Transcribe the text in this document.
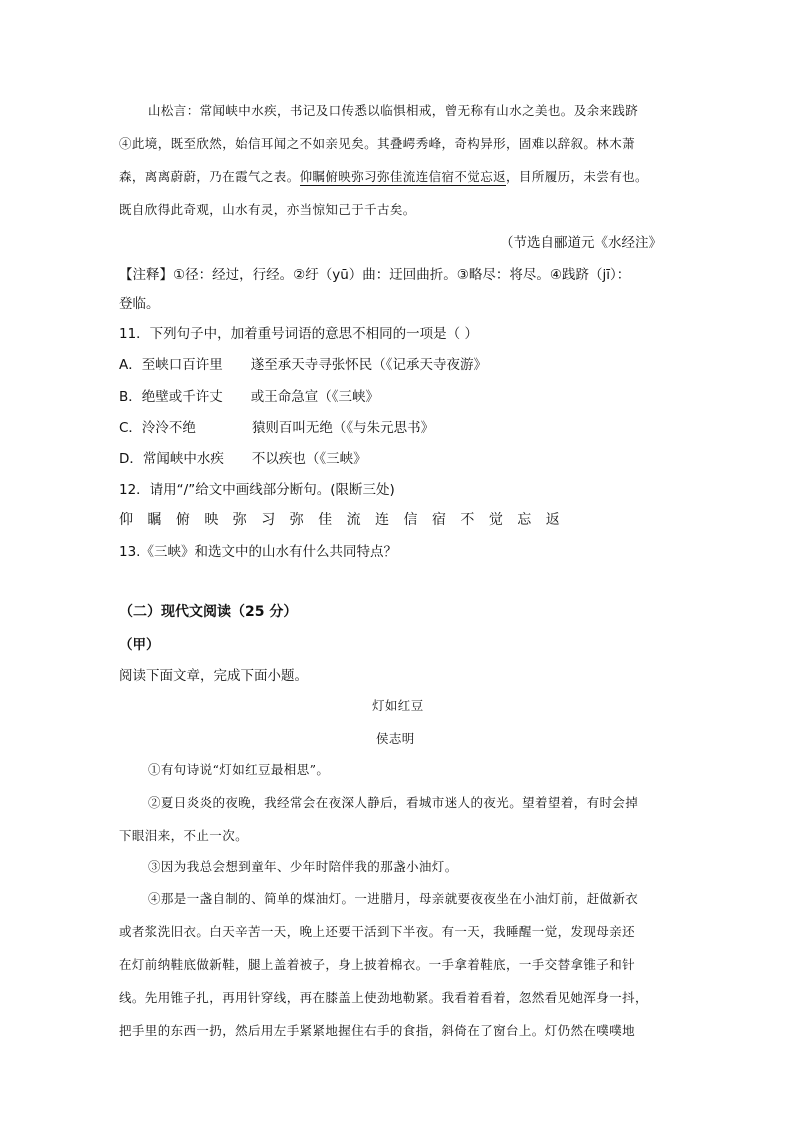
山松言：常闻峡中水疾，书记及口传悉以临惧相戒，曾无称有山水之美也。及余来践跻
④此境，既至欣然，始信耳闻之不如亲见矣。其叠崿秀峰，奇构异形，固难以辞叙。林木萧
森，离离蔚蔚，乃在霞气之表。仰瞩俯映弥习弥佳流连信宿不觉忘返，目所履历，未尝有也。
既自欣得此奇观，山水有灵，亦当惊知己于千古矣。
（节选自郦道元《水经注》
【注释】①径：经过，行经。②纡（yū）曲：迂回曲折。③略尽：将尽。④践跻（jī）：
登临。
11．下列句子中，加着重号词语的意思不相同的一项是（ ）
A．至峡口百许里 遂至承天寺寻张怀民（《记承天寺夜游》
B．绝壁或千许丈 或王命急宣（《三峡》
C．泠泠不绝	猿则百叫无绝（《与朱元思书》
D．常闻峡中水疾 不以疾也（《三峡》
12．请用“/”给文中画线部分断句。(限断三处)
仰 瞩 俯 映 弥 习 弥 佳 流 连 信 宿 不 觉 忘 返
13.《三峡》和选文中的山水有什么共同特点？
（二）现代文阅读（25 分）
（甲）
阅读下面文章，完成下面小题。
灯如红豆
侯志明
①有句诗说“灯如红豆最相思”。
②夏日炎炎的夜晚，我经常会在夜深人静后，看城市迷人的夜光。望着望着，有时会掉
下眼泪来，不止一次。
③因为我总会想到童年、少年时陪伴我的那盏小油灯。
④那是一盏自制的、简单的煤油灯。一进腊月，母亲就要夜夜坐在小油灯前，赶做新衣
或者浆洗旧衣。白天辛苦一天，晚上还要干活到下半夜。有一天，我睡醒一觉，发现母亲还
在灯前纳鞋底做新鞋，腿上盖着被子，身上披着棉衣。一手拿着鞋底，一手交替拿锥子和针
线。先用锥子扎，再用针穿线，再在膝盖上使劲地勒紧。我看着看着，忽然看见她浑身一抖，
把手里的东西一扔，然后用左手紧紧地握住右手的食指，斜倚在了窗台上。灯仍然在噗噗地
